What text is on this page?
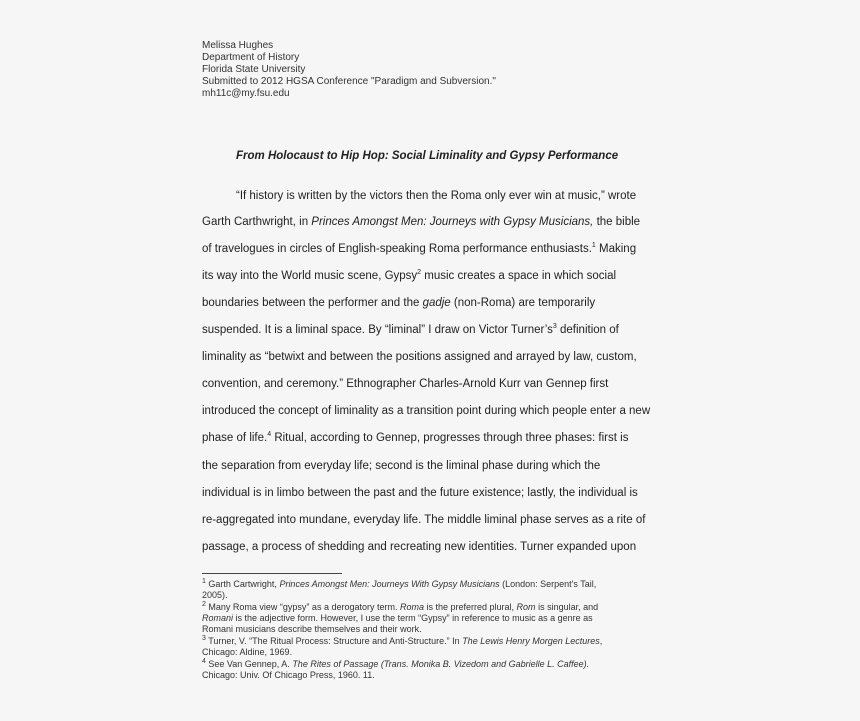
Melissa Hughes
Department of History
Florida State University
Submitted to 2012 HGSA Conference "Paradigm and Subversion."
mh11c@my.fsu.edu
From Holocaust to Hip Hop: Social Liminality and Gypsy Performance
“If history is written by the victors then the Roma only ever win at music,” wrote
Garth Carthwright, in Princes Amongst Men: Journeys with Gypsy Musicians, the bible
of travelogues in circles of English-speaking Roma performance enthusiasts.$^1$ Making
its way into the World music scene, Gypsy$^2$ music creates a space in which social
boundaries between the performer and the gadje (non-Roma) are temporarily
suspended. It is a liminal space. By “liminal” I draw on Victor $Turner’s^3$ definition of
liminality as “betwixt and between the positions assigned and arrayed by law, custom,
convention, and ceremony.” Ethnographer Charles-Arnold Kurr van Gennep first
introduced the concept of liminality as a transition point during which people enter a new
phase of life.$^4$ Ritual, according to Gennep, progresses through three phases: first is
the separation from everyday life; second is the liminal phase during which the
individual is in limbo between the past and the future existence; lastly, the individual is
re-aggregated into mundane, everyday life. The middle liminal phase serves as a rite of
passage, a process of shedding and recreating new identities. Turner expanded upon
$^1$ Garth Cartwright, Princes Amongst Men: Journeys With Gypsy Musicians (London: Serpent's Tail,
2005).
$^2$ Many Roma view “gypsy” as a derogatory term. Roma is the preferred plural, Rom is singular, and
Romani is the adjective form. However, I use the term “Gypsy” in reference to music as a genre as
Romani musicians describe themselves and their work.
$^3$ Turner, V. “The Ritual Process: Structure and Anti-Structure.” In The Lewis Henry Morgen Lectures,
Chicago: Aldine, 1969.
$^4$ See Van Gennep, A. The Rites of Passage (Trans. Monika B. Vizedom and Gabrielle L. Caffee).
Chicago: Univ. Of Chicago Press, 1960. 11.
